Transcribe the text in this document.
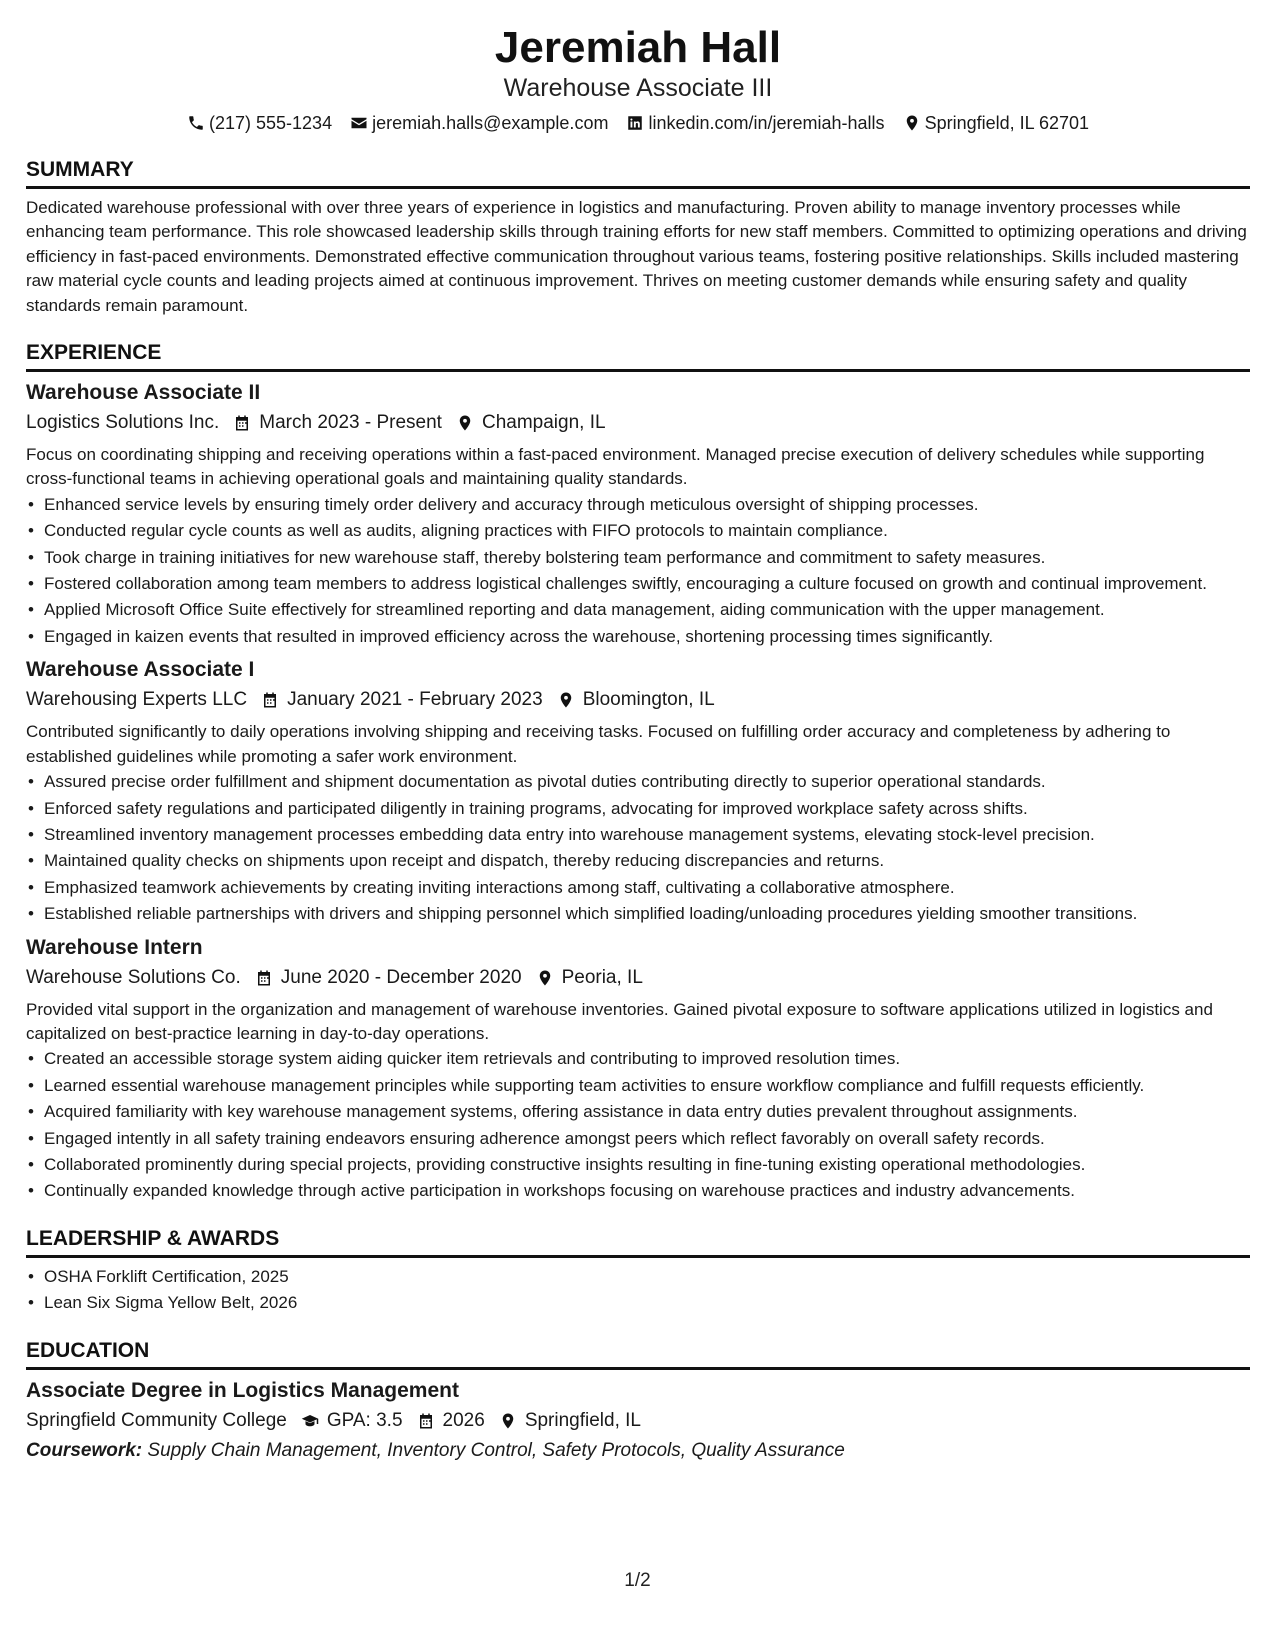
Jeremiah Hall
Warehouse Associate III
(217) 555-1234 jeremiah.halls@example.com linkedin.com/in/jeremiah-halls Springfield, IL 62701
SUMMARY
Dedicated warehouse professional with over three years of experience in logistics and manufacturing. Proven ability to manage inventory processes while enhancing team performance. This role showcased leadership skills through training efforts for new staff members. Committed to optimizing operations and driving efficiency in fast-paced environments. Demonstrated effective communication throughout various teams, fostering positive relationships. Skills included mastering raw material cycle counts and leading projects aimed at continuous improvement. Thrives on meeting customer demands while ensuring safety and quality standards remain paramount.
EXPERIENCE
Warehouse Associate II
Logistics Solutions Inc. March 2023 - Present Champaign, IL
Focus on coordinating shipping and receiving operations within a fast-paced environment. Managed precise execution of delivery schedules while supporting cross-functional teams in achieving operational goals and maintaining quality standards.
• Enhanced service levels by ensuring timely order delivery and accuracy through meticulous oversight of shipping processes.
• Conducted regular cycle counts as well as audits, aligning practices with FIFO protocols to maintain compliance.
• Took charge in training initiatives for new warehouse staff, thereby bolstering team performance and commitment to safety measures.
• Fostered collaboration among team members to address logistical challenges swiftly, encouraging a culture focused on growth and continual improvement.
• Applied Microsoft Office Suite effectively for streamlined reporting and data management, aiding communication with the upper management.
• Engaged in kaizen events that resulted in improved efficiency across the warehouse, shortening processing times significantly.
Warehouse Associate I
Warehousing Experts LLC January 2021 - February 2023 Bloomington, IL
Contributed significantly to daily operations involving shipping and receiving tasks. Focused on fulfilling order accuracy and completeness by adhering to established guidelines while promoting a safer work environment.
• Assured precise order fulfillment and shipment documentation as pivotal duties contributing directly to superior operational standards.
• Enforced safety regulations and participated diligently in training programs, advocating for improved workplace safety across shifts.
• Streamlined inventory management processes embedding data entry into warehouse management systems, elevating stock-level precision.
• Maintained quality checks on shipments upon receipt and dispatch, thereby reducing discrepancies and returns.
• Emphasized teamwork achievements by creating inviting interactions among staff, cultivating a collaborative atmosphere.
• Established reliable partnerships with drivers and shipping personnel which simplified loading/unloading procedures yielding smoother transitions.
Warehouse Intern
Warehouse Solutions Co. June 2020 - December 2020 Peoria, IL
Provided vital support in the organization and management of warehouse inventories. Gained pivotal exposure to software applications utilized in logistics and capitalized on best-practice learning in day-to-day operations.
• Created an accessible storage system aiding quicker item retrievals and contributing to improved resolution times.
• Learned essential warehouse management principles while supporting team activities to ensure workflow compliance and fulfill requests efficiently.
• Acquired familiarity with key warehouse management systems, offering assistance in data entry duties prevalent throughout assignments.
• Engaged intently in all safety training endeavors ensuring adherence amongst peers which reflect favorably on overall safety records.
• Collaborated prominently during special projects, providing constructive insights resulting in fine-tuning existing operational methodologies.
• Continually expanded knowledge through active participation in workshops focusing on warehouse practices and industry advancements.
LEADERSHIP & AWARDS
• OSHA Forklift Certification, 2025
• Lean Six Sigma Yellow Belt, 2026
EDUCATION
Associate Degree in Logistics Management
Springfield Community College GPA: 3.5 2026 Springfield, IL
Coursework: Supply Chain Management, Inventory Control, Safety Protocols, Quality Assurance
1/2
